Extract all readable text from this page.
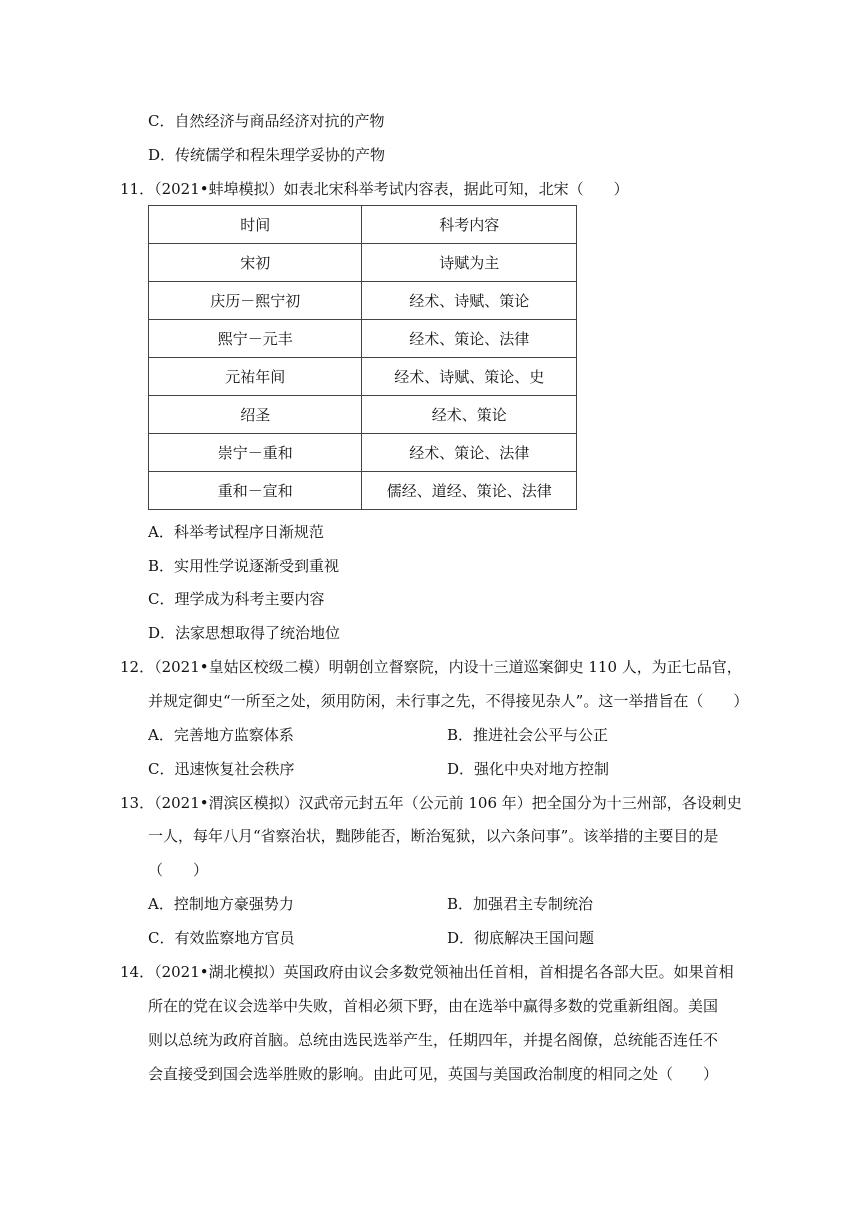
C．自然经济与商品经济对抗的产物
D．传统儒学和程朱理学妥协的产物
11．（2021•蚌埠模拟）如表北宋科举考试内容表，据此可知，北宋（　　）
时间	科考内容
宋初	诗赋为主
庆历－熙宁初	经术、诗赋、策论
熙宁－元丰	经术、策论、法律
元祐年间	经术、诗赋、策论、史
绍圣	经术、策论
崇宁－重和	经术、策论、法律
重和－宣和	儒经、道经、策论、法律
A．科举考试程序日渐规范
B．实用性学说逐渐受到重视
C．理学成为科考主要内容
D．法家思想取得了统治地位
12．（2021•皇姑区校级二模）明朝创立督察院，内设十三道巡案御史 110 人，为正七品官，
并规定御史“一所至之处，须用防闲，未行事之先，不得接见杂人”。这一举措旨在（　　）
A．完善地方监察体系	B．推进社会公平与公正
C．迅速恢复社会秩序	D．强化中央对地方控制
13．（2021•渭滨区模拟）汉武帝元封五年（公元前 106 年）把全国分为十三州部，各设刺史
一人，每年八月“省察治状，黜陟能否，断治冤狱，以六条问事”。该举措的主要目的是
（　　）
A．控制地方豪强势力	B．加强君主专制统治
C．有效监察地方官员	D．彻底解决王国问题
14．（2021•湖北模拟）英国政府由议会多数党领袖出任首相，首相提名各部大臣。如果首相
所在的党在议会选举中失败，首相必须下野，由在选举中赢得多数的党重新组阁。美国
则以总统为政府首脑。总统由选民选举产生，任期四年，并提名阁僚，总统能否连任不
会直接受到国会选举胜败的影响。由此可见，英国与美国政治制度的相同之处（　　）
